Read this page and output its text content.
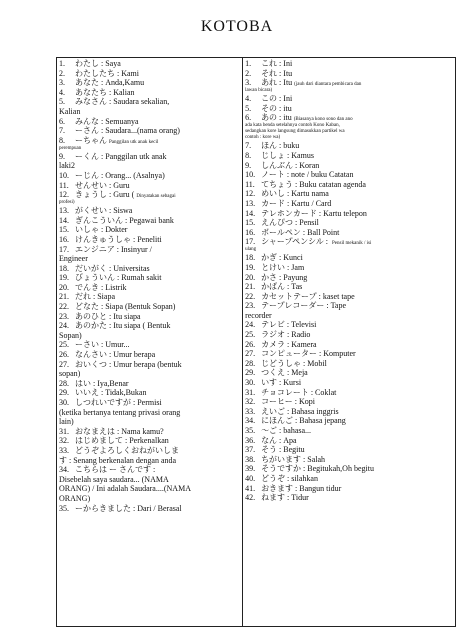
KOTOBA
1.	わたし : Saya
2.	わたしたち : Kami
3.	あなた : Anda,Kamu
4.	あなたち : Kalian
5.	みなさん : Saudara sekalian,
Kalian
6.	みんな : Semuanya
7.	ーさん : Saudara...(nama orang)
8.	ーちゃん Panggilan utk anak kecil
perempuan
9.	ーくん : Panggilan utk anak
laki2
10. ーじん : Orang... (Asalnya)
11. せんせい : Guru
12. きょうし : Guru ( Dinyatakan sebagai
profesi)
13. がくせい : Siswa
14. ぎんこういん : Pegawai bank
15. いしゃ : Dokter
16. けんきゅうしゃ : Peneliti
17. エンジニア : Insinyur /
Engineer
18. だいがく : Universitas
19. びょういん : Rumah sakit
20. でんき : Listrik
21. だれ : Siapa
22. どなた : Siapa (Bentuk Sopan)
23. あのひと : Itu siapa
24. あのかた : Itu siapa ( Bentuk
Sopan)
25. ーさい : Umur...
26. なんさい : Umur berapa
27. おいくつ : Umur berapa (bentuk
sopan)
28. はい : Iya,Benar
29. いいえ : Tidak,Bukan
30. しつれいですが : Permisi
(ketika bertanya tentang privasi orang
lain)
31. おなまえは : Nama kamu?
32. はじめまして : Perkenalkan
33. どうぞよろしくおねがいしま
す : Senang berkenalan dengan anda
34. こちらは ー さんです :
Disebelah saya saudara... (NAMA
ORANG) / Ini adalah Saudara....(NAMA
ORANG)
35. ーからきました : Dari / Berasal
1.	これ : Ini
2.	それ : Itu
3.	あれ : Itu (jauh dari diantara pembicara dan
lawan bicara)
4.	この : Ini
5.	その : itu
6.	あの : itu (Biasanya kono sono dan ano
ada kata benda setelahnya contoh Kono Kaban,
sedangkan kore langsung dimasukkan partikel wa
contoh : kore wa)
7.	ほん : buku
8.	じしょ : Kamus
9.	しんぶん : Koran
10. ノート : note / buku Catatan
11. てちょう : Buku catatan agenda
12. めいし : Kartu nama
13. カード : Kartu / Card
14. テレホンカード : Kartu telepon
15. えんぴつ : Pensil
16. ボールペン : Ball Point
17. シャープペンシル : Pensil mekanik / isi
ulang
18. かぎ : Kunci
19. とけい : Jam
20. かさ : Payung
21. かばん : Tas
22. カセットテープ : kaset tape
23. テープレコーダー : Tape
recorder
24. テレビ : Televisi
25. ラジオ : Radio
26. カメラ : Kamera
27. コンピューター : Komputer
28. じどうしゃ : Mobil
29. つくえ : Meja
30. いす : Kursi
31. チョコレート : Coklat
32. コーヒー : Kopi
33. えいご : Bahasa inggris
34. にほんご : Bahasa jepang
35. ～ご : bahasa...
36. なん : Apa
37. そう : Begitu
38. ちがいます : Salah
39. そうですか : Begitukah,Oh begitu
40. どうぞ : silahkan
41. おきます : Bangun tidur
42. ねます : Tidur
